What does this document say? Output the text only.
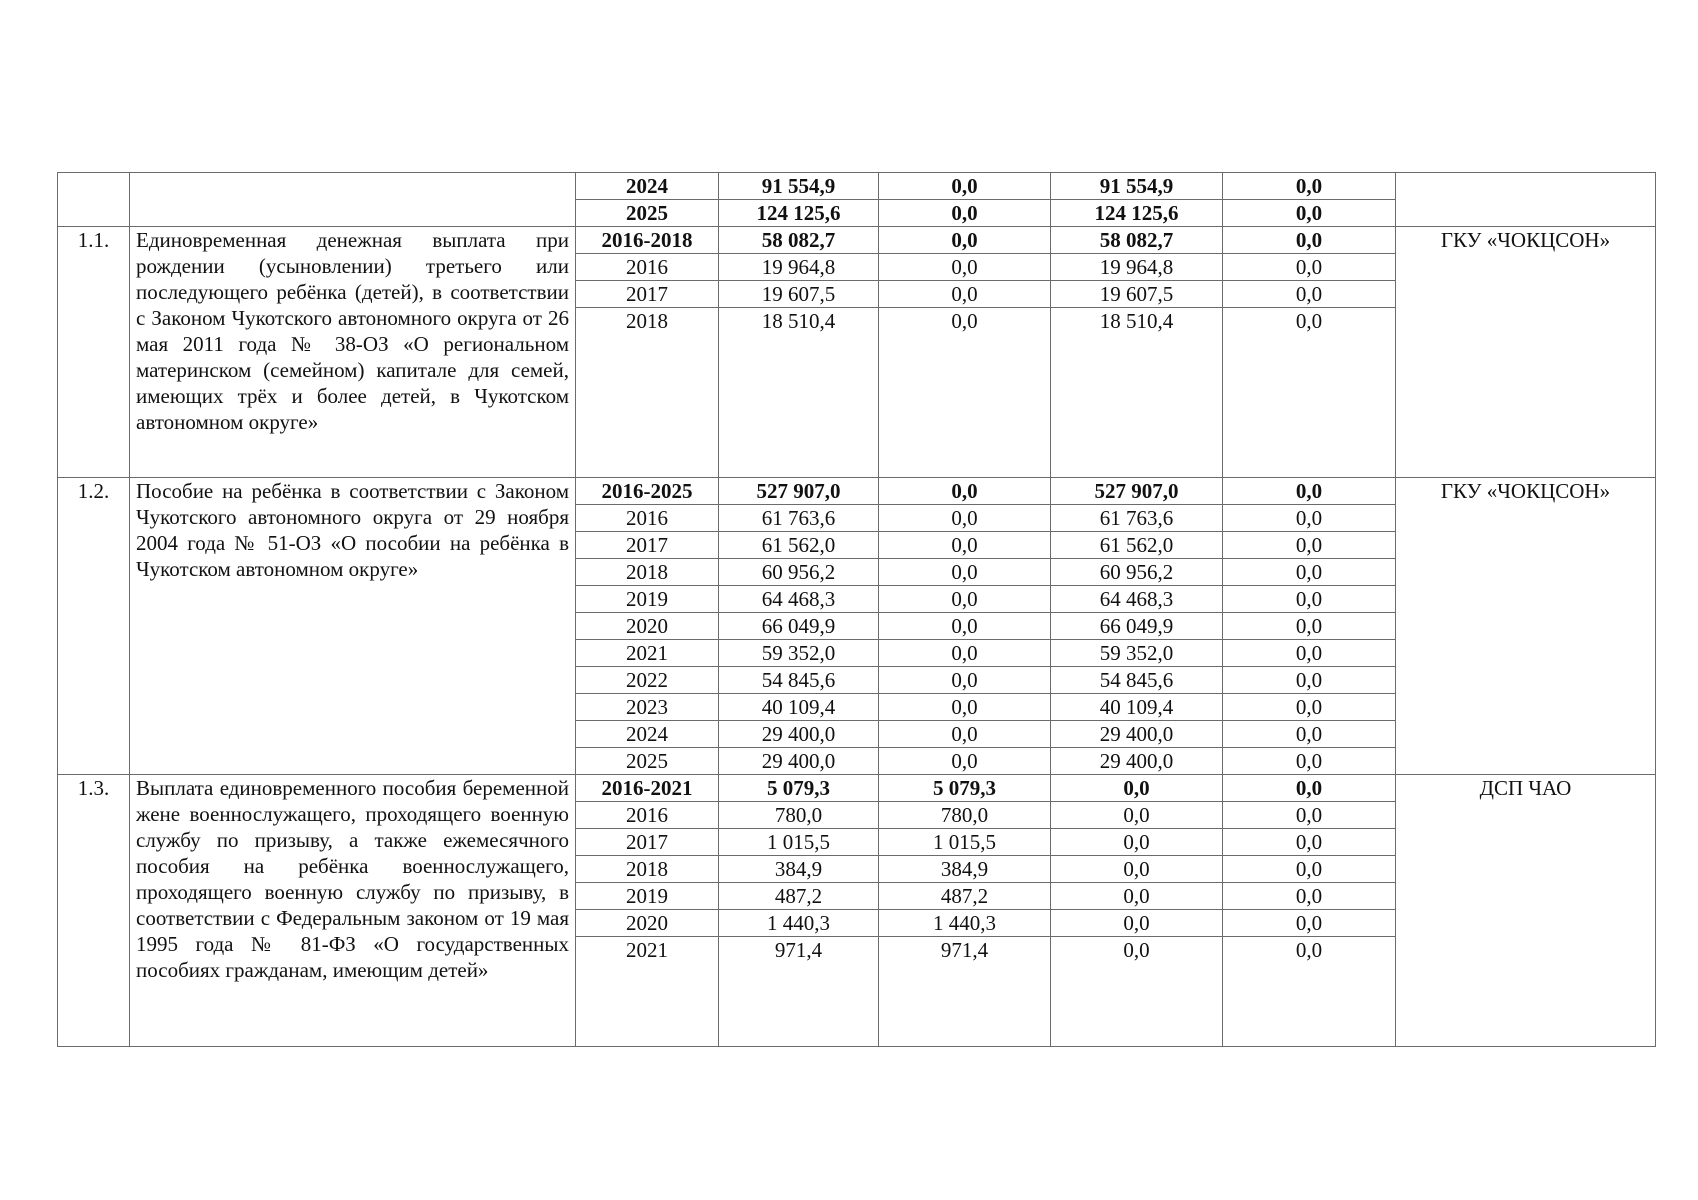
		2024	91 554,9	0,0	91 554,9	0,0	
		2025	124 125,6	0,0	124 125,6	0,0	
1.1.	Единовременная денежная выплата при рождении (усыновлении) третьего или последующего ребёнка (детей), в соответствии с Законом Чукотского автономного округа от 26 мая 2011 года № 38-ОЗ «О региональном материнском (семейном) капитале для семей, имеющих трёх и более детей, в Чукотском автономном округе»	2016-2018	58 082,7	0,0	58 082,7	0,0	ГКУ «ЧОКЦСОН»
		2016	19 964,8	0,0	19 964,8	0,0	
		2017	19 607,5	0,0	19 607,5	0,0	
		2018	18 510,4	0,0	18 510,4	0,0	
1.2.	Пособие на ребёнка в соответствии с Законом Чукотского автономного округа от 29 ноября 2004 года № 51-ОЗ «О пособии на ребёнка в Чукотском автономном округе»	2016-2025	527 907,0	0,0	527 907,0	0,0	ГКУ «ЧОКЦСОН»
		2016	61 763,6	0,0	61 763,6	0,0	
		2017	61 562,0	0,0	61 562,0	0,0	
		2018	60 956,2	0,0	60 956,2	0,0	
		2019	64 468,3	0,0	64 468,3	0,0	
		2020	66 049,9	0,0	66 049,9	0,0	
		2021	59 352,0	0,0	59 352,0	0,0	
		2022	54 845,6	0,0	54 845,6	0,0	
		2023	40 109,4	0,0	40 109,4	0,0	
		2024	29 400,0	0,0	29 400,0	0,0	
		2025	29 400,0	0,0	29 400,0	0,0	
1.3.	Выплата единовременного пособия беременной жене военнослужащего, проходящего военную службу по призыву, а также ежемесячного пособия на ребёнка военнослужащего, проходящего военную службу по призыву, в соответствии с Федеральным законом от 19 мая 1995 года № 81-ФЗ «О государственных пособиях гражданам, имеющим детей»	2016-2021	5 079,3	5 079,3	0,0	0,0	ДСП ЧАО
		2016	780,0	780,0	0,0	0,0	
		2017	1 015,5	1 015,5	0,0	0,0	
		2018	384,9	384,9	0,0	0,0	
		2019	487,2	487,2	0,0	0,0	
		2020	1 440,3	1 440,3	0,0	0,0	
		2021	971,4	971,4	0,0	0,0	
